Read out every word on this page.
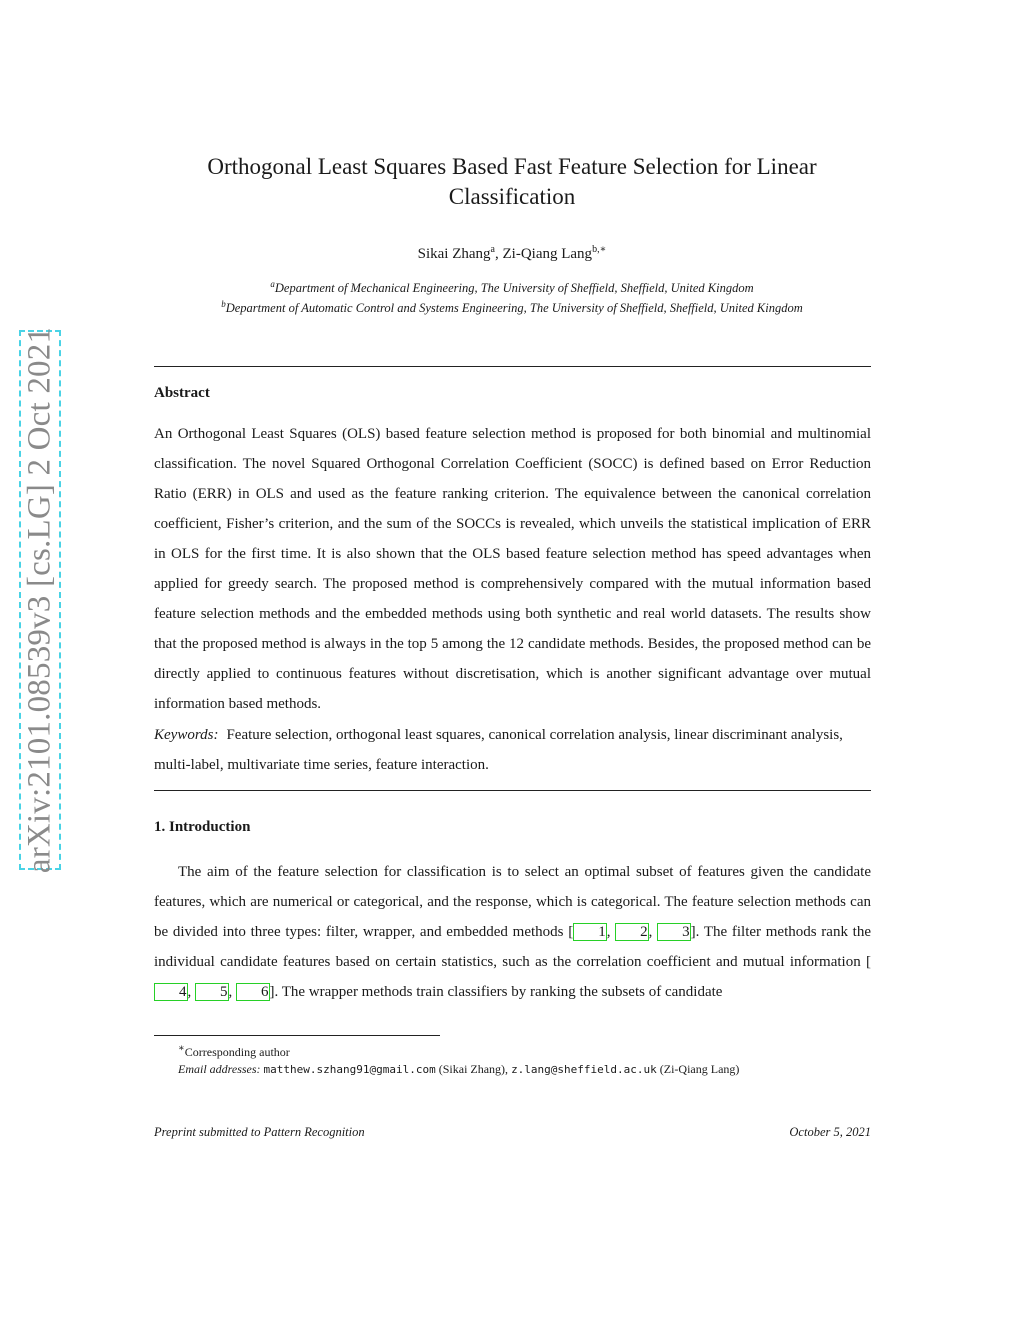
arXiv:2101.08539v3 [cs.LG] 2 Oct 2021
Orthogonal Least Squares Based Fast Feature Selection for Linear
Classification
Sikai Zhang$^a$, Zi-Qiang Lang$^{b,∗}$
$^a$Department of Mechanical Engineering, The University of Sheffield, Sheffield, United Kingdom
$^b$Department of Automatic Control and Systems Engineering, The University of Sheffield, Sheffield, United Kingdom
Abstract
An Orthogonal Least Squares (OLS) based feature selection method is proposed for both binomial and multinomial classification. The novel Squared Orthogonal Correlation Coefficient (SOCC) is defined based on Error Reduction Ratio (ERR) in OLS and used as the feature ranking criterion. The equivalence between the canonical correlation coefficient, Fisher’s criterion, and the sum of the SOCCs is revealed, which unveils the statistical implication of ERR in OLS for the first time. It is also shown that the OLS based feature selection method has speed advantages when applied for greedy search. The proposed method is comprehensively compared with the mutual information based feature selection methods and the embedded methods using both synthetic and real world datasets. The results show that the proposed method is always in the top 5 among the 12 candidate methods. Besides, the proposed method can be directly applied to continuous features without discretisation, which is another significant advantage over mutual information based methods.
Keywords: Feature selection, orthogonal least squares, canonical correlation analysis, linear discriminant analysis, multi-label, multivariate time series, feature interaction.
1. Introduction
The aim of the feature selection for classification is to select an optimal subset of features given the candidate features, which are numerical or categorical, and the response, which is categorical. The feature selection methods can be divided into three types: filter, wrapper, and embedded methods [ 1, 2, 3]. The filter methods rank the individual candidate features based on certain statistics, such as the correlation coefficient and mutual information [4, 5, 6]. The wrapper methods train classifiers by ranking the subsets of candidate
∗Corresponding author
Email addresses: matthew.szhang91@gmail.com (Sikai Zhang), z.lang@sheffield.ac.uk (Zi-Qiang Lang)
Preprint submitted to Pattern Recognition	October 5, 2021
